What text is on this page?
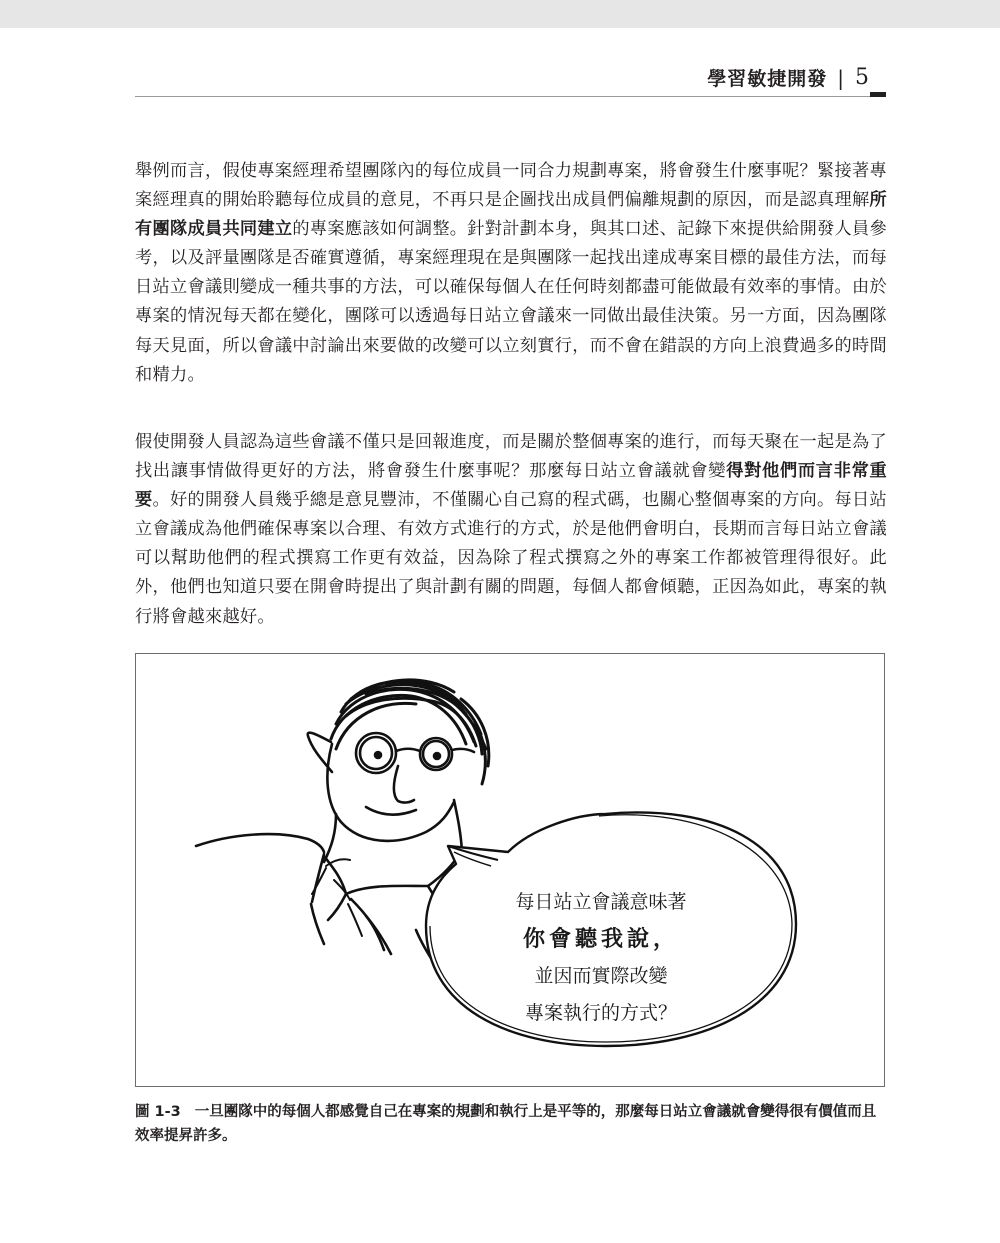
學習敏捷開發 | 5

舉例而言，假使專案經理希望團隊內的每位成員一同合力規劃專案，將會發生什麼事呢？緊接著專案經理真的開始聆聽每位成員的意見，不再只是企圖找出成員們偏離規劃的原因，而是認真理解所有團隊成員共同建立的專案應該如何調整。針對計劃本身，與其口述、記錄下來提供給開發人員參考，以及評量團隊是否確實遵循，專案經理現在是與團隊一起找出達成專案目標的最佳方法，而每日站立會議則變成一種共事的方法，可以確保每個人在任何時刻都盡可能做最有效率的事情。由於專案的情況每天都在變化，團隊可以透過每日站立會議來一同做出最佳決策。另一方面，因為團隊每天見面，所以會議中討論出來要做的改變可以立刻實行，而不會在錯誤的方向上浪費過多的時間和精力。

假使開發人員認為這些會議不僅只是回報進度，而是關於整個專案的進行，而每天聚在一起是為了找出讓事情做得更好的方法，將會發生什麼事呢？那麼每日站立會議就會變得對他們而言非常重要。好的開發人員幾乎總是意見豐沛，不僅關心自己寫的程式碼，也關心整個專案的方向。每日站立會議成為他們確保專案以合理、有效方式進行的方式，於是他們會明白，長期而言每日站立會議可以幫助他們的程式撰寫工作更有效益，因為除了程式撰寫之外的專案工作都被管理得很好。此外，他們也知道只要在開會時提出了與計劃有關的問題，每個人都會傾聽，正因為如此，專案的執行將會越來越好。

每日站立會議意味著
你會聽我說，
並因而實際改變
專案執行的方式？

圖 1-3 一旦團隊中的每個人都感覺自己在專案的規劃和執行上是平等的，那麼每日站立會議就會變得很有價值而且效率提昇許多。
